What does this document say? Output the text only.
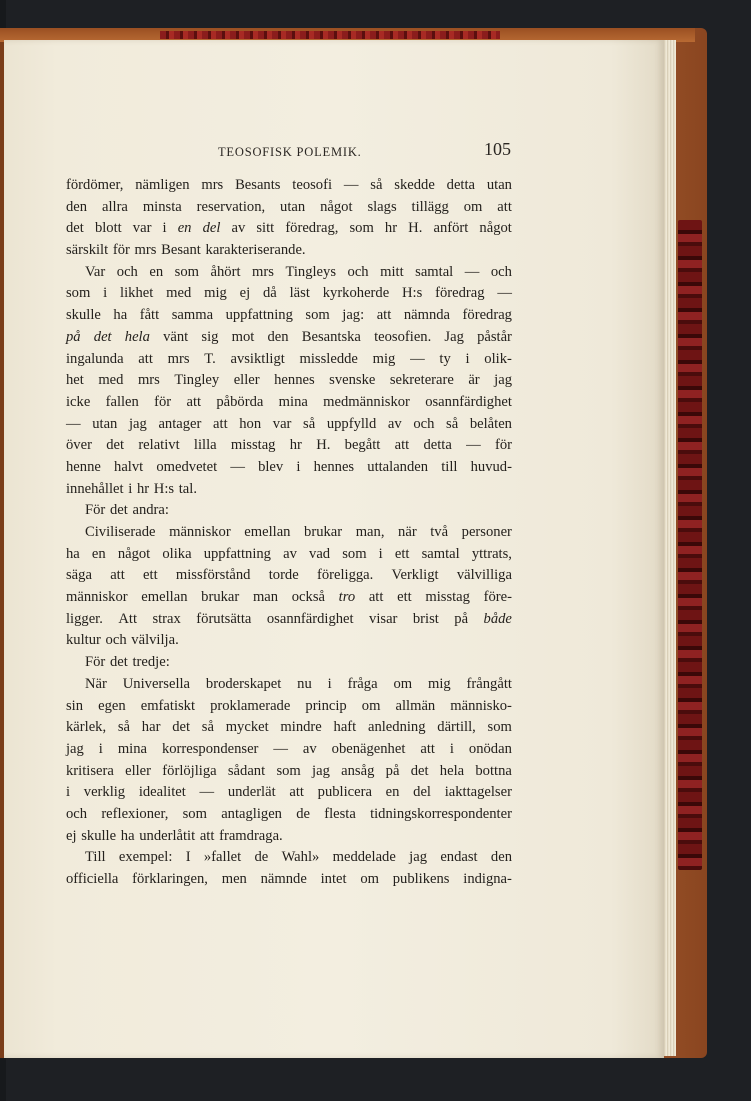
TEOSOFISK POLEMIK.	105
fördömer, nämligen mrs Besants teosofi — så skedde detta utan
den allra minsta reservation, utan något slags tillägg om att
det blott var i en del av sitt föredrag, som hr H. anfört något
särskilt för mrs Besant karakteriserande.
Var och en som åhört mrs Tingleys och mitt samtal — och
som i likhet med mig ej då läst kyrkoherde H:s föredrag —
skulle ha fått samma uppfattning som jag: att nämnda föredrag
på det hela vänt sig mot den Besantska teosofien. Jag påstår
ingalunda att mrs T. avsiktligt missledde mig — ty i olik-
het med mrs Tingley eller hennes svenske sekreterare är jag
icke fallen för att påbörda mina medmänniskor osannfärdighet
— utan jag antager att hon var så uppfylld av och så belåten
över det relativt lilla misstag hr H. begått att detta — för
henne halvt omedvetet — blev i hennes uttalanden till huvud-
innehållet i hr H:s tal.
För det andra:
Civiliserade människor emellan brukar man, när två personer
ha en något olika uppfattning av vad som i ett samtal yttrats,
säga att ett missförstånd torde föreligga. Verkligt välvilliga
människor emellan brukar man också tro att ett misstag före-
ligger. Att strax förutsätta osannfärdighet visar brist på både
kultur och välvilja.
För det tredje:
När Universella broderskapet nu i fråga om mig frångått
sin egen emfatiskt proklamerade princip om allmän människo-
kärlek, så har det så mycket mindre haft anledning därtill, som
jag i mina korrespondenser — av obenägenhet att i onödan
kritisera eller förlöjliga sådant som jag ansåg på det hela bottna
i verklig idealitet — underlät att publicera en del iakttagelser
och reflexioner, som antagligen de flesta tidningskorrespondenter
ej skulle ha underlåtit att framdraga.
Till exempel: I »fallet de Wahl» meddelade jag endast den
officiella förklaringen, men nämnde intet om publikens indigna-
